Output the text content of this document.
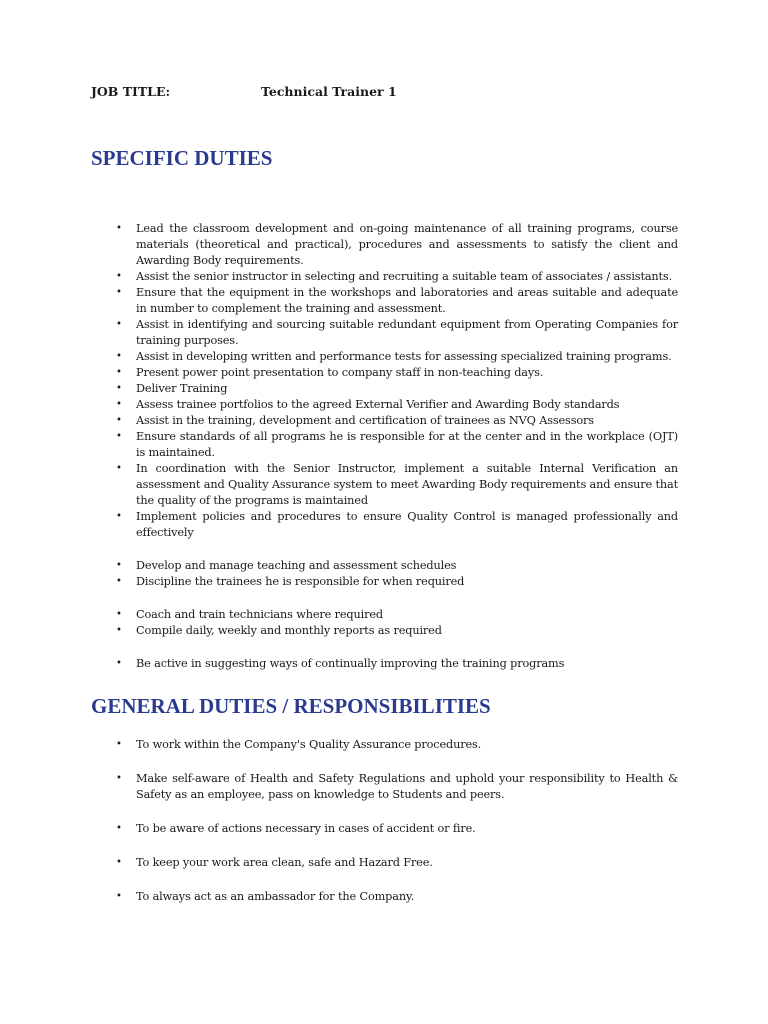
JOB TITLE:	Technical Trainer 1
SPECIFIC DUTIES
• Lead the classroom development and on-going maintenance of all training programs, course materials (theoretical and practical), procedures and assessments to satisfy the client and Awarding Body requirements.
• Assist the senior instructor in selecting and recruiting a suitable team of associates / assistants.
• Ensure that the equipment in the workshops and laboratories and areas suitable and adequate in number to complement the training and assessment.
• Assist in identifying and sourcing suitable redundant equipment from Operating Companies for training purposes.
• Assist in developing written and performance tests for assessing specialized training programs.
• Present power point presentation to company staff in non-teaching days.
• Deliver Training
• Assess trainee portfolios to the agreed External Verifier and Awarding Body standards
• Assist in the training, development and certification of trainees as NVQ Assessors
• Ensure standards of all programs he is responsible for at the center and in the workplace (OJT) is maintained.
• In coordination with the Senior Instructor, implement a suitable Internal Verification an assessment and Quality Assurance system to meet Awarding Body requirements and ensure that the quality of the programs is maintained
• Implement policies and procedures to ensure Quality Control is managed professionally and effectively
• Develop and manage teaching and assessment schedules
• Discipline the trainees he is responsible for when required
• Coach and train technicians where required
• Compile daily, weekly and monthly reports as required
• Be active in suggesting ways of continually improving the training programs
GENERAL DUTIES / RESPONSIBILITIES
• To work within the Company's Quality Assurance procedures.
• Make self-aware of Health and Safety Regulations and uphold your responsibility to Health & Safety as an employee, pass on knowledge to Students and peers.
• To be aware of actions necessary in cases of accident or fire.
• To keep your work area clean, safe and Hazard Free.
• To always act as an ambassador for the Company.
